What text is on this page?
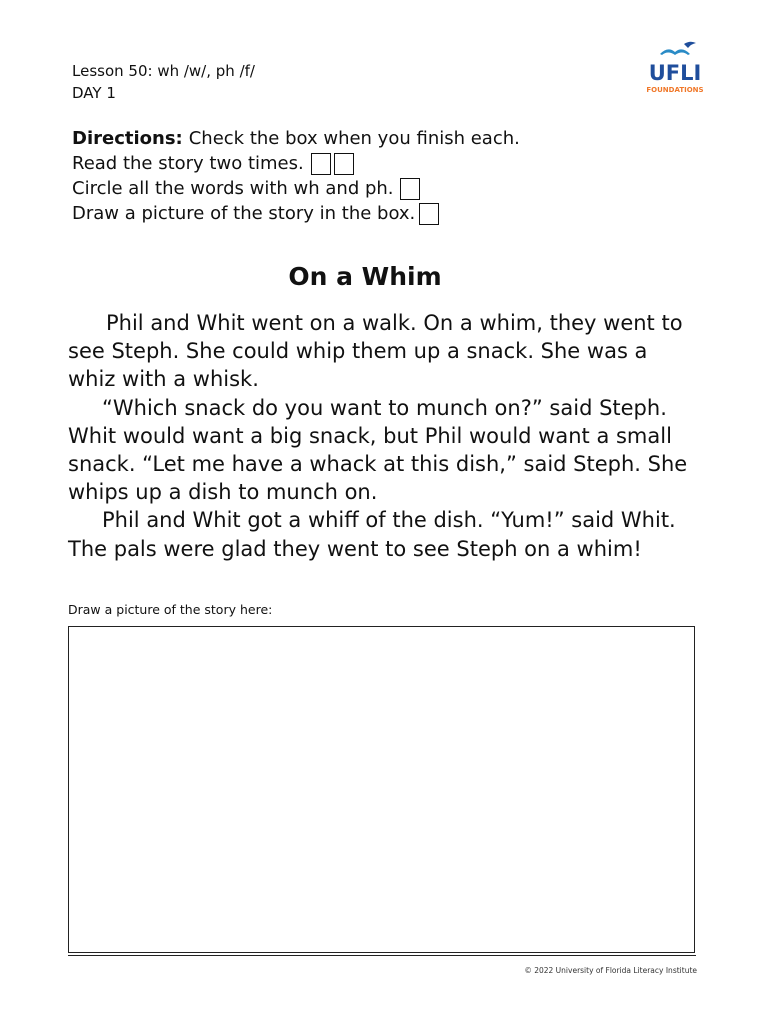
Lesson 50: wh /w/, ph /f/
DAY 1
UFLI
FOUNDATIONS
Directions: Check the box when you finish each.
Read the story two times.
Circle all the words with wh and ph.
Draw a picture of the story in the box.
On a Whim

Phil and Whit went on a walk. On a whim, they went to see Steph. She could whip them up a snack. She was a whiz with a whisk.

“Which snack do you want to munch on?” said Steph. Whit would want a big snack, but Phil would want a small snack. “Let me have a whack at this dish,” said Steph. She whips up a dish to munch on.

Phil and Whit got a whiff of the dish. “Yum!” said Whit. The pals were glad they went to see Steph on a whim!

Draw a picture of the story here:
© 2022 University of Florida Literacy Institute
